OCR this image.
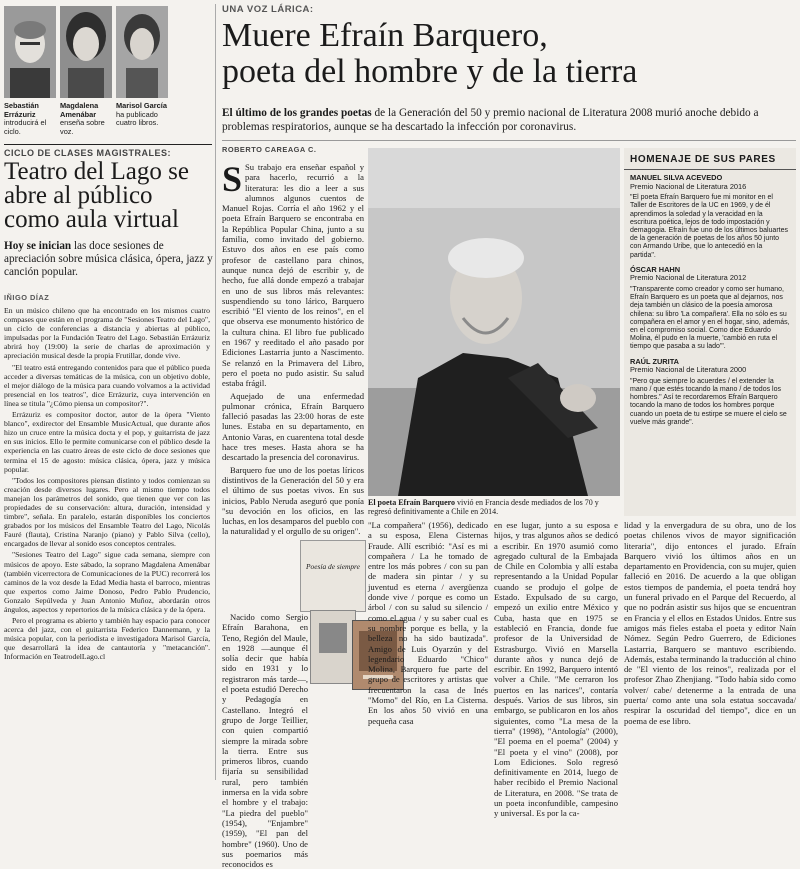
Sebastián Errázuriz
introducirá el ciclo.
Magdalena Amenábar
enseña sobre voz.
Marisol García
ha publicado cuatro libros.
CICLO DE CLASES MAGISTRALES:
Teatro del Lago se abre al público como aula virtual
Hoy se inician las doce sesiones de apreciación sobre música clásica, ópera, jazz y canción popular.
IÑIGO DÍAZ

En un músico chileno que ha encontrado en los mismos cuatro compases que están en el programa de "Sesiones Teatro del Lago", un ciclo de conferencias a distancia y abiertas al público, impulsadas por la Fundación Teatro del Lago. Sebastián Errázuriz abrirá hoy (19:00) la serie de charlas de aproximación y apreciación musical desde la propia Frutillar, donde vive.

"El teatro está entregando contenidos para que el público pueda acceder a diversas temáticas de la música, con un objetivo doble, el mejor diálogo de la música para cuando volvamos a la actividad presencial en los teatros", dice Errázuriz, cuya intervención en línea se titula "¿Cómo piensa un compositor?".

Errázuriz es compositor doctor, autor de la ópera "Viento blanco", exdirector del Ensamble MusicActual, que durante años hizo un cruce entre la música docta y el pop, y guitarrista de jazz en sus inicios. Ello le permite comunicarse con el público desde la experiencia en las cuatro áreas de este ciclo de doce sesiones que termina el 15 de agosto: música clásica, ópera, jazz y música popular.

"Todos los compositores piensan distinto y todos comienzan su creación desde diversos lugares. Pero al mismo tiempo todos manejan los parámetros del sonido, que tienen que ver con las propiedades de su conservación: altura, duración, intensidad y timbre", señala. En paralelo, estarán disponibles los conciertos grabados por los músicos del Ensamble Teatro del Lago, Nicolás Fauré (flauta), Cristina Naranjo (piano) y Pablo Silva (cello), encargados de llevar al sonido esos conceptos centrales.

"Sesiones Teatro del Lago" sigue cada semana, siempre con músicos de apoyo. Este sábado, la soprano Magdalena Amenábar (también vicerrectora de Comunicaciones de la PUC) recorrerá los caminos de la voz desde la Edad Media hasta el barroco, mientras que expertos como Jaime Donoso, Pedro Pablo Prudencio, Gonzalo Sepúlveda y Juan Antonio Muñoz, abordarán otros ángulos, aspectos y repertorios de la música clásica y de la ópera.

Pero el programa es abierto y también hay espacio para conocer acerca del jazz, con el guitarrista Federico Dannemann, y la música popular, con la periodista e investigadora Marisol García, que desarrollará la idea de cantautoría y "metacanción". Información en TeatrodelLago.cl

UNA VOZ LÁRICA:
Muere Efraín Barquero,
poeta del hombre y de la tierra
El último de los grandes poetas de la Generación del 50 y premio nacional de Literatura 2008 murió anoche debido a problemas respiratorios, aunque se ha descartado la infección por coronavirus.
ROBERTO CAREAGA C.

S Su trabajo era enseñar español y para hacerlo, recurrió a la literatura: les dio a leer a sus alumnos algunos cuentos de Manuel Rojas. Corría el año 1962 y el poeta Efraín Barquero se encontraba en la República Popular China, junto a su familia, como invitado del gobierno. Estuvo dos años en ese país como profesor de castellano para chinos, aunque nunca dejó de escribir y, de hecho, fue allá donde empezó a trabajar en uno de sus libros más relevantes: suspendiendo su tono lárico, Barquero escribió "El viento de los reinos", en el que observa ese monumento histórico de la cultura china. El libro fue publicado en 1967 y reeditado el año pasado por Ediciones Lastarria junto a Nascimento. Se relanzó en la Primavera del Libro, pero el poeta no pudo asistir. Su salud estaba frágil.

Aquejado de una enfermedad pulmonar crónica, Efraín Barquero falleció pasadas las 23:00 horas de este lunes. Estaba en su departamento, en Antonio Varas, en cuarentena total desde hace tres meses. Hasta ahora se ha descartado la presencia del coronavirus.

Barquero fue uno de los poetas líricos distintivos de la Generación del 50 y era el último de sus poetas vivos. En sus inicios, Pablo Neruda aseguró que ponía "su devoción en los oficios, en las luchas, en los desamparos del pueblo con la naturalidad y el orgullo de su origen".

El poeta Efraín Barquero vivió en Francia desde mediados de los 70 y regresó definitivamente a Chile en 2014.
Poesía de siempre

Nacido como Sergio Efraín Barahona, en Teno, Región del Maule, en 1928 —aunque él solía decir que había sido en 1931 y lo registraron más tarde—, el poeta estudió Derecho y Pedagogía en Castellano. Integró el grupo de Jorge Teillier, con quien compartió siempre la mirada sobre la tierra. Entre sus primeros libros, cuando fijaría su sensibilidad rural, pero también inmersa en la vida sobre el hombre y el trabajo: "La piedra del pueblo" (1954), "Enjambre" (1959), "El pan del hombre" (1960). Uno de sus poemarios más reconocidos es

"La compañera" (1956), dedicado a su esposa, Elena Cisternas Fraude. Allí escribió: "Así es mi compañera / La he tomado de entre los más pobres / con su pan de madera sin pintar / y su juventud es eterna / avergüenza donde vive / porque es como un árbol / con su salud su silencio / como el agua / y su saber cual es su nombre porque es bella, y la belleza no ha sido bautizada". Amigo de Luis Oyarzún y del legendario Eduardo "Chico" Molina, Barquero fue parte del grupo de escritores y artistas que frecuentaron la casa de Inés "Momo" del Río, en La Cisterna. En los años 50 vivió en una pequeña casa

en ese lugar, junto a su esposa e hijos, y tras algunos años se dedicó a escribir. En 1970 asumió como agregado cultural de la Embajada de Chile en Colombia y allí estaba representando a la Unidad Popular cuando se produjo el golpe de Estado. Expulsado de su cargo, empezó un exilio entre México y Cuba, hasta que en 1975 se estableció en Francia, donde fue profesor de la Universidad de Estrasburgo. Vivió en Marsella durante años y nunca dejó de escribir. En 1992, Barquero intentó volver a Chile. "Me cerraron los puertos en las narices", contaría después. Varios de sus libros, sin embargo, se publicaron en los años siguientes, como "La mesa de la tierra" (1998), "Antología" (2000), "El poema en el poema" (2004) y "El poeta y el vino" (2008), por Lom Ediciones. Solo regresó definitivamente en 2014, luego de haber recibido el Premio Nacional de Literatura, en 2008. "Se trata de un poeta inconfundible, campesino y universal. Es por la ca-

lidad y la envergadura de su obra, uno de los poetas chilenos vivos de mayor significación literaria", dijo entonces el jurado. Efraín Barquero vivió los últimos años en un departamento en Providencia, con su mujer, quien falleció en 2016. De acuerdo a la que obligan estos tiempos de pandemia, el poeta tendrá hoy un funeral privado en el Parque del Recuerdo, al que no podrán asistir sus hijos que se encuentran en Francia y el ellos en Estados Unidos. Entre sus amigos más fieles estaba el poeta y editor Naín Nómez. Según Pedro Guerrero, de Ediciones Lastarria, Barquero se mantuvo escribiendo. Además, estaba terminando la traducción al chino de "El viento de los reinos", realizada por el profesor Zhao Zhenjiang. "Todo había sido como volver/ cabe/ detenerme a la entrada de una puerta/ como ante una sola estatua soccavada/ respirar la oscuridad del tiempo", dice en un poema de ese libro.

HOMENAJE DE SUS PARES
MANUEL SILVA ACEVEDO
Premio Nacional de Literatura 2016
"El poeta Efraín Barquero fue mi monitor en el Taller de Escritores de la UC en 1969, y de él aprendimos la soledad y la veracidad en la escritura poética, lejos de todo impostación y demagogia. Efraín fue uno de los últimos baluartes de la generación de poetas de los años 50 junto con Armando Uribe, que lo antecedió en la partida".
ÓSCAR HAHN
Premio Nacional de Literatura 2012
"Transparente como creador y como ser humano, Efraín Barquero es un poeta que al dejarnos, nos deja también un clásico de la poesía amorosa chilena: su libro 'La compañera'. Ella no sólo es su compañera en el amor y en el hogar, sino, además, en el compromiso social. Como dice Eduardo Molina, él pudo en la muerte, 'cambió en ruta el tiempo que pasaba a su lado'".
RAÚL ZURITA
Premio Nacional de Literatura 2000
"Pero que siempre lo acuerdes / el extender la mano / que estés tocando la mano / de todos los hombres." Así te recordaremos Efraín Barquero tocando la mano de todos los hombres porque cuando un poeta de tu estirpe se muere el cielo se vuelve más grande".
